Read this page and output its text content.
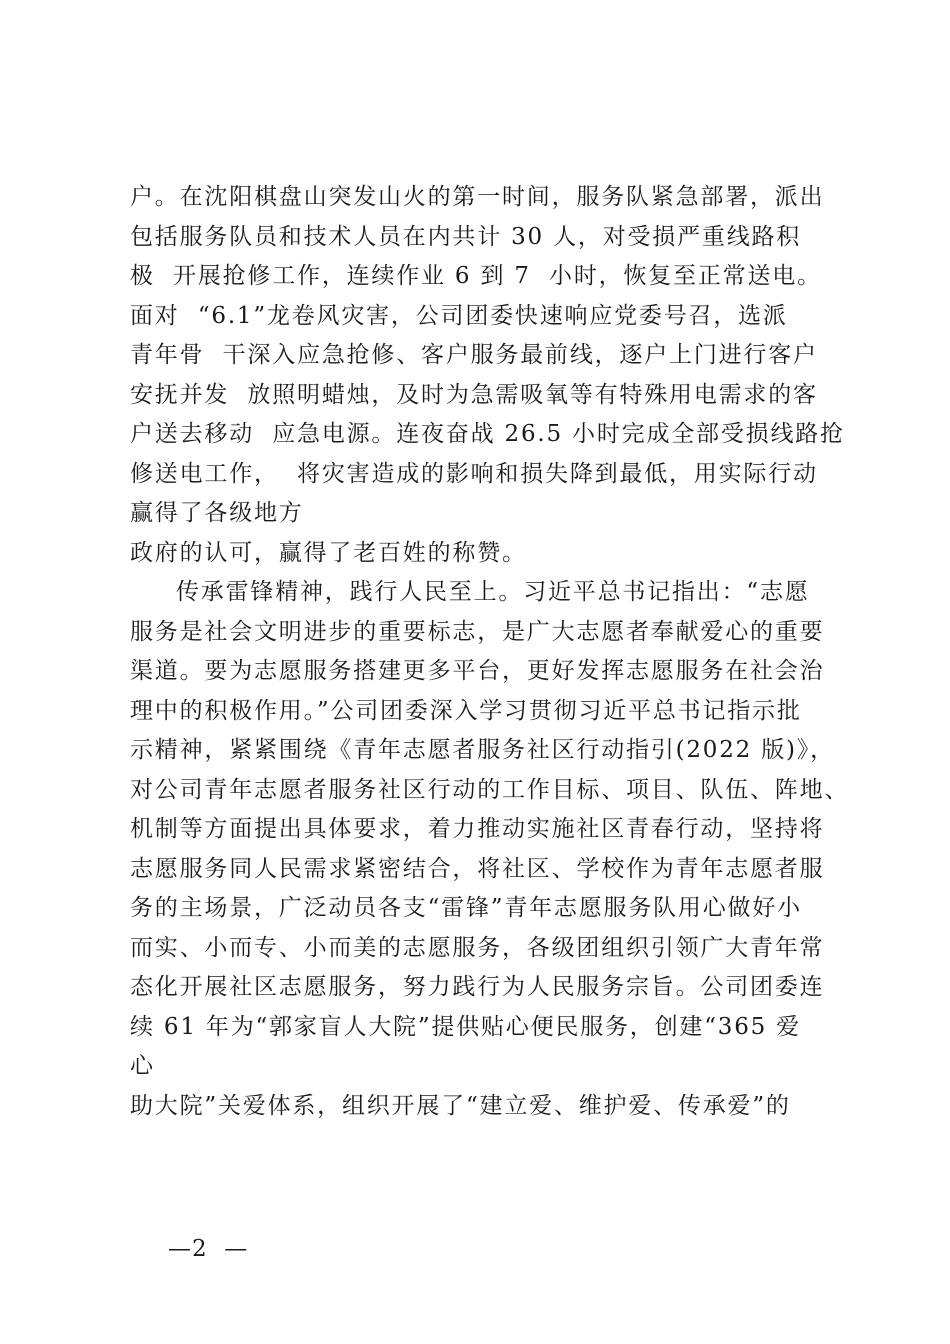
户。在沈阳棋盘山突发山火的第一时间，服务队紧急部署，派出
包括服务队员和技术人员在内共计 30 人，对受损严重线路积
极  开展抢修工作，连续作业 6 到 7  小时，恢复至正常送电。
面对  “6.1”龙卷风灾害，公司团委快速响应党委号召，选派
青年骨  干深入应急抢修、客户服务最前线，逐户上门进行客户
安抚并发  放照明蜡烛，及时为急需吸氧等有特殊用电需求的客
户送去移动  应急电源。连夜奋战 26.5 小时完成全部受损线路抢
修送电工作，  将灾害造成的影响和损失降到最低，用实际行动
赢得了各级地方
政府的认可，赢得了老百姓的称赞。
传承雷锋精神，践行人民至上。习近平总书记指出：“志愿
服务是社会文明进步的重要标志，是广大志愿者奉献爱心的重要
渠道。要为志愿服务搭建更多平台，更好发挥志愿服务在社会治
理中的积极作用。”公司团委深入学习贯彻习近平总书记指示批
示精神，紧紧围绕《青年志愿者服务社区行动指引(2022 版)》，
对公司青年志愿者服务社区行动的工作目标、项目、队伍、阵地、
机制等方面提出具体要求，着力推动实施社区青春行动，坚持将
志愿服务同人民需求紧密结合，将社区、学校作为青年志愿者服
务的主场景，广泛动员各支“雷锋”青年志愿服务队用心做好小
而实、小而专、小而美的志愿服务，各级团组织引领广大青年常
态化开展社区志愿服务，努力践行为人民服务宗旨。公司团委连
续 61 年为“郭家盲人大院”提供贴心便民服务，创建“365 爱
心
助大院”关爱体系，组织开展了“建立爱、维护爱、传承爱”的
—2  —
